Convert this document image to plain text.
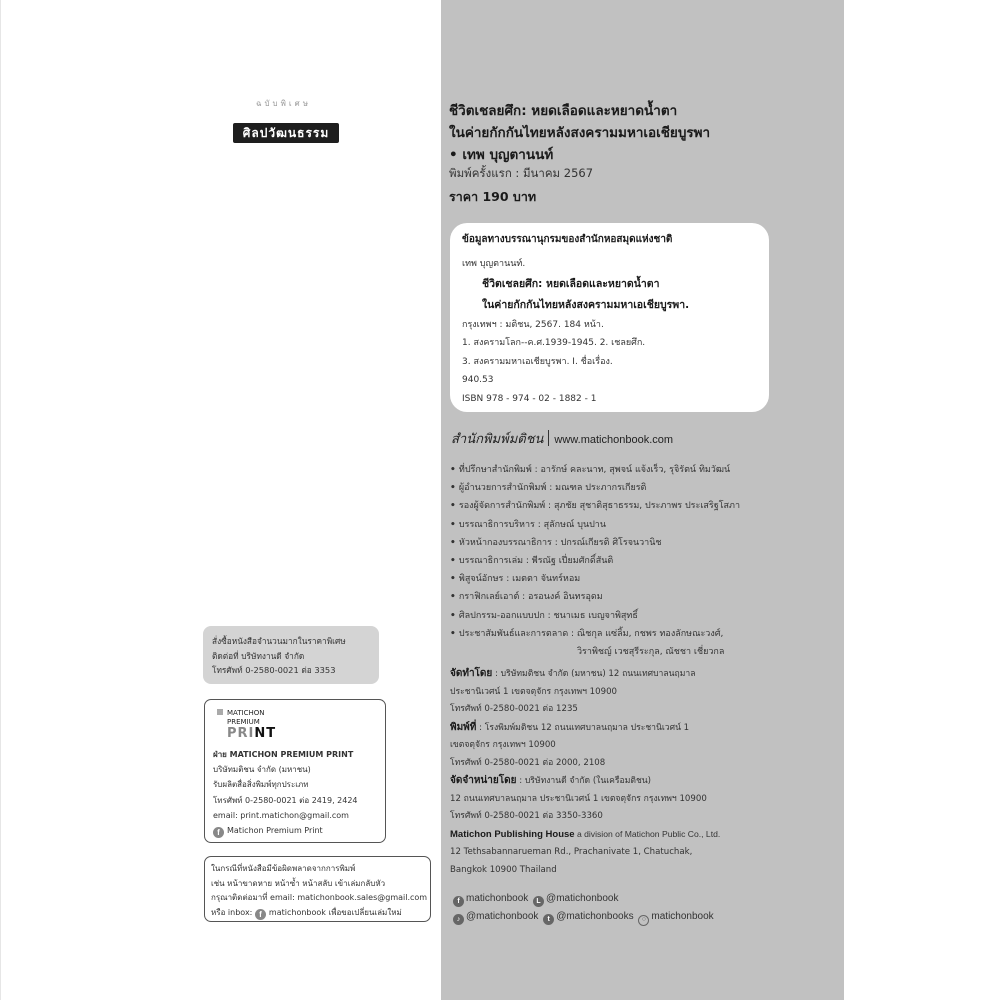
ฉบับพิเศษ
ศิลปวัฒนธรรม
ชีวิตเชลยศึก: หยดเลือดและหยาดน้ำตา
ในค่ายกักกันไทยหลังสงครามมหาเอเชียบูรพา
• เทพ บุญตานนท์
พิมพ์ครั้งแรก : มีนาคม 2567
ราคา 190 บาท
ข้อมูลทางบรรณานุกรมของสำนักหอสมุดแห่งชาติ
เทพ บุญตานนท์.
ชีวิตเชลยศึก: หยดเลือดและหยาดน้ำตา
ในค่ายกักกันไทยหลังสงครามมหาเอเชียบูรพา.
กรุงเทพฯ : มติชน, 2567. 184 หน้า.
1. สงครามโลก--ค.ศ.1939-1945. 2. เชลยศึก.
3. สงครามมหาเอเชียบูรพา. I. ชื่อเรื่อง.
940.53
ISBN 978 - 974 - 02 - 1882 - 1
สำนักพิมพ์มติชน www.matichonbook.com
• ที่ปรึกษาสำนักพิมพ์ : อารักษ์ คละนาท, สุพจน์ แจ้งเร็ว, รุจิรัตน์ ทิมวัฒน์
• ผู้อำนวยการสำนักพิมพ์ : มณฑล ประภากรเกียรติ
• รองผู้จัดการสำนักพิมพ์ : สุภชัย สุชาติสุธาธรรม, ประภาพร ประเสริฐโสภา
• บรรณาธิการบริหาร : สุลักษณ์ บุนปาน
• หัวหน้ากองบรรณาธิการ : ปกรณ์เกียรติ ศิโรจนวานิช
• บรรณาธิการเล่ม : พีรณัฐ เปี่ยมศักดิ์สันติ
• พิสูจน์อักษร : เมตตา จันทร์หอม
• กราฟิกเลย์เอาต์ : อรอนงค์ อินทรอุดม
• ศิลปกรรม-ออกแบบปก : ชนาเมธ เบญจาพิสุทธิ์
• ประชาสัมพันธ์และการตลาด : ณิชกุล แซ่ลิ้ม, กชพร ทองลักษณะวงศ์,
วิราพิชญ์ เวชสุรีระกุล, ณัชชา เชี่ยวกล
จัดทำโดย : บริษัทมติชน จำกัด (มหาชน) 12 ถนนเทศบาลนฤมาล
ประชานิเวศน์ 1 เขตจตุจักร กรุงเทพฯ 10900
โทรศัพท์ 0-2580-0021 ต่อ 1235
พิมพ์ที่ : โรงพิมพ์มติชน 12 ถนนเทศบาลนฤมาล ประชานิเวศน์ 1
เขตจตุจักร กรุงเทพฯ 10900
โทรศัพท์ 0-2580-0021 ต่อ 2000, 2108
จัดจำหน่ายโดย : บริษัทงานดี จำกัด (ในเครือมติชน)
12 ถนนเทศบาลนฤมาล ประชานิเวศน์ 1 เขตจตุจักร กรุงเทพฯ 10900
โทรศัพท์ 0-2580-0021 ต่อ 3350-3360
Matichon Publishing House a division of Matichon Public Co., Ltd.
12 Tethsabannarueman Rd., Prachanivate 1, Chatuchak,
Bangkok 10900 Thailand
f matichonbook L @matichonbook
♪ @matichonbook t @matichonbooks ○ matichonbook
สั่งซื้อหนังสือจำนวนมากในราคาพิเศษ
ติดต่อที่ บริษัทงานดี จำกัด
โทรศัพท์ 0-2580-0021 ต่อ 3353
MATICHON
PREMIUM
PRINT
ฝ่าย MATICHON PREMIUM PRINT
บริษัทมติชน จำกัด (มหาชน)
รับผลิตสื่อสิ่งพิมพ์ทุกประเภท
โทรศัพท์ 0-2580-0021 ต่อ 2419, 2424
email: print.matichon@gmail.com
f Matichon Premium Print
ในกรณีที่หนังสือมีข้อผิดพลาดจากการพิมพ์
เช่น หน้าขาดหาย หน้าซ้ำ หน้าสลับ เข้าเล่มกลับหัว
กรุณาติดต่อมาที่ email: matichonbook.sales@gmail.com
หรือ inbox: f matichonbook เพื่อขอเปลี่ยนเล่มใหม่
